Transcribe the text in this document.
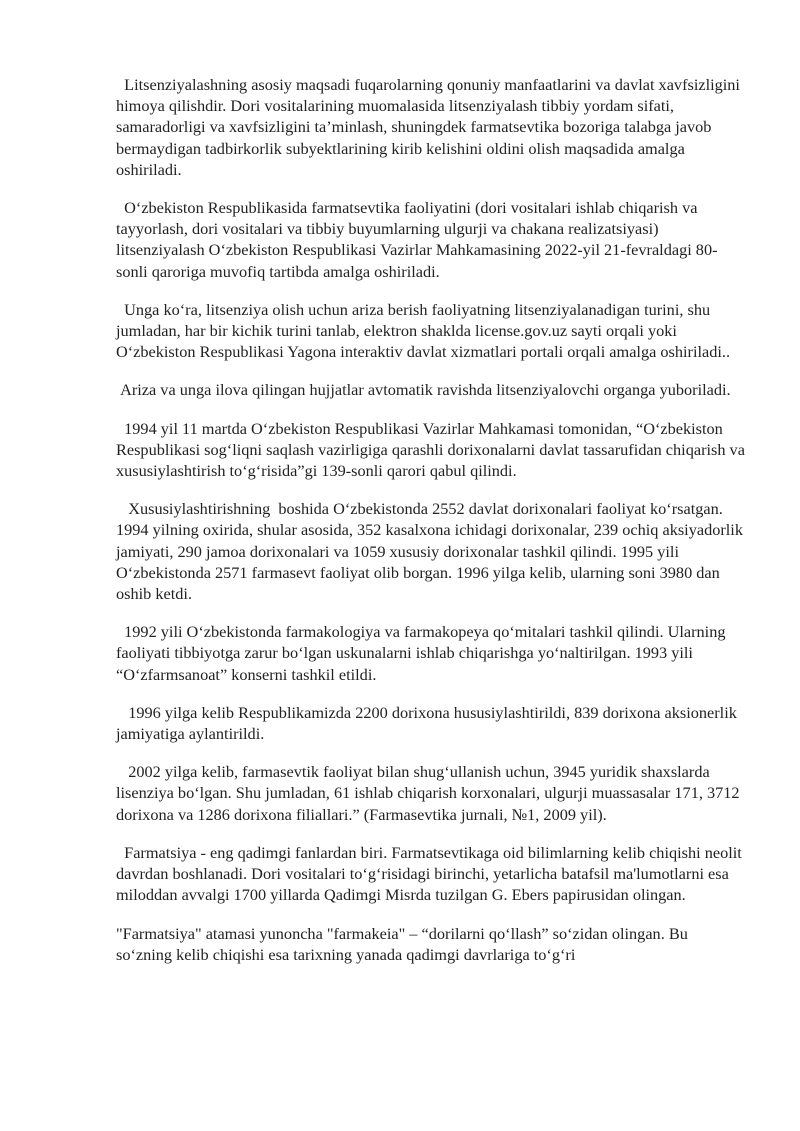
Litsenziyalashning asosiy maqsadi fuqarolarning qonuniy manfaatlarini va davlat xavfsizligini himoya qilishdir. Dori vositalarining muomalasida litsenziyalash tibbiy yordam sifati, samaradorligi va xavfsizligini ta’minlash, shuningdek farmatsevtika bozoriga talabga javob bermaydigan tadbirkorlik subyektlarining kirib kelishini oldini olish maqsadida amalga oshiriladi.

O‘zbekiston Respublikasida farmatsevtika faoliyatini (dori vositalari ishlab chiqarish va tayyorlash, dori vositalari va tibbiy buyumlarning ulgurji va chakana realizatsiyasi) litsenziyalash O‘zbekiston Respublikasi Vazirlar Mahkamasining 2022-yil 21-fevraldagi 80-sonli qaroriga muvofiq tartibda amalga oshiriladi.

Unga ko‘ra, litsenziya olish uchun ariza berish faoliyatning litsenziyalanadigan turini, shu jumladan, har bir kichik turini tanlab, elektron shaklda license.gov.uz sayti orqali yoki O‘zbekiston Respublikasi Yagona interaktiv davlat xizmatlari portali orqali amalga oshiriladi..

Ariza va unga ilova qilingan hujjatlar avtomatik ravishda litsenziyalovchi organga yuboriladi.

1994 yil 11 martda O‘zbekiston Respublikasi Vazirlar Mahkamasi tomonidan, “O‘zbekiston Respublikasi sog‘liqni saqlash vazirligiga qarashli dorixonalarni davlat tassarufidan chiqarish va xususiylashtirish to‘g‘risida”gi 139-sonli qarori qabul qilindi.

Xususiylashtirishning  boshida O‘zbekistonda 2552 davlat dorixonalari faoliyat ko‘rsatgan. 1994 yilning oxirida, shular asosida, 352 kasalxona ichidagi dorixonalar, 239 ochiq aksiyadorlik jamiyati, 290 jamoa dorixonalari va 1059 xususiy dorixonalar tashkil qilindi. 1995 yili O‘zbekistonda 2571 farmasevt faoliyat olib borgan. 1996 yilga kelib, ularning soni 3980 dan oshib ketdi.

1992 yili O‘zbekistonda farmakologiya va farmakopeya qo‘mitalari tashkil qilindi. Ularning faoliyati tibbiyotga zarur bo‘lgan uskunalarni ishlab chiqarishga yo‘naltirilgan. 1993 yili “O‘zfarmsanoat” konserni tashkil etildi.

1996 yilga kelib Respublikamizda 2200 dorixona hususiylashtirildi, 839 dorixona aksionerlik jamiyatiga aylantirildi.

2002 yilga kelib, farmasevtik faoliyat bilan shug‘ullanish uchun, 3945 yuridik shaxslarda lisenziya bo‘lgan. Shu jumladan, 61 ishlab chiqarish korxonalari, ulgurji muassasalar 171, 3712 dorixona va 1286 dorixona filiallari.” (Farmasevtika jurnali, №1, 2009 yil).

Farmatsiya - eng qadimgi fanlardan biri. Farmatsevtikaga oid bilimlarning kelib chiqishi neolit davrdan boshlanadi. Dori vositalari to‘g‘risidagi birinchi, yetarlicha batafsil ma'lumotlarni esa miloddan avvalgi 1700 yillarda Qadimgi Misrda tuzilgan G. Ebers papirusidan olingan.

"Farmatsiya" atamasi yunoncha "farmakeia" – “dorilarni qo‘llash” so‘zidan olingan. Bu so‘zning kelib chiqishi esa tarixning yanada qadimgi davrlariga to‘g‘ri
